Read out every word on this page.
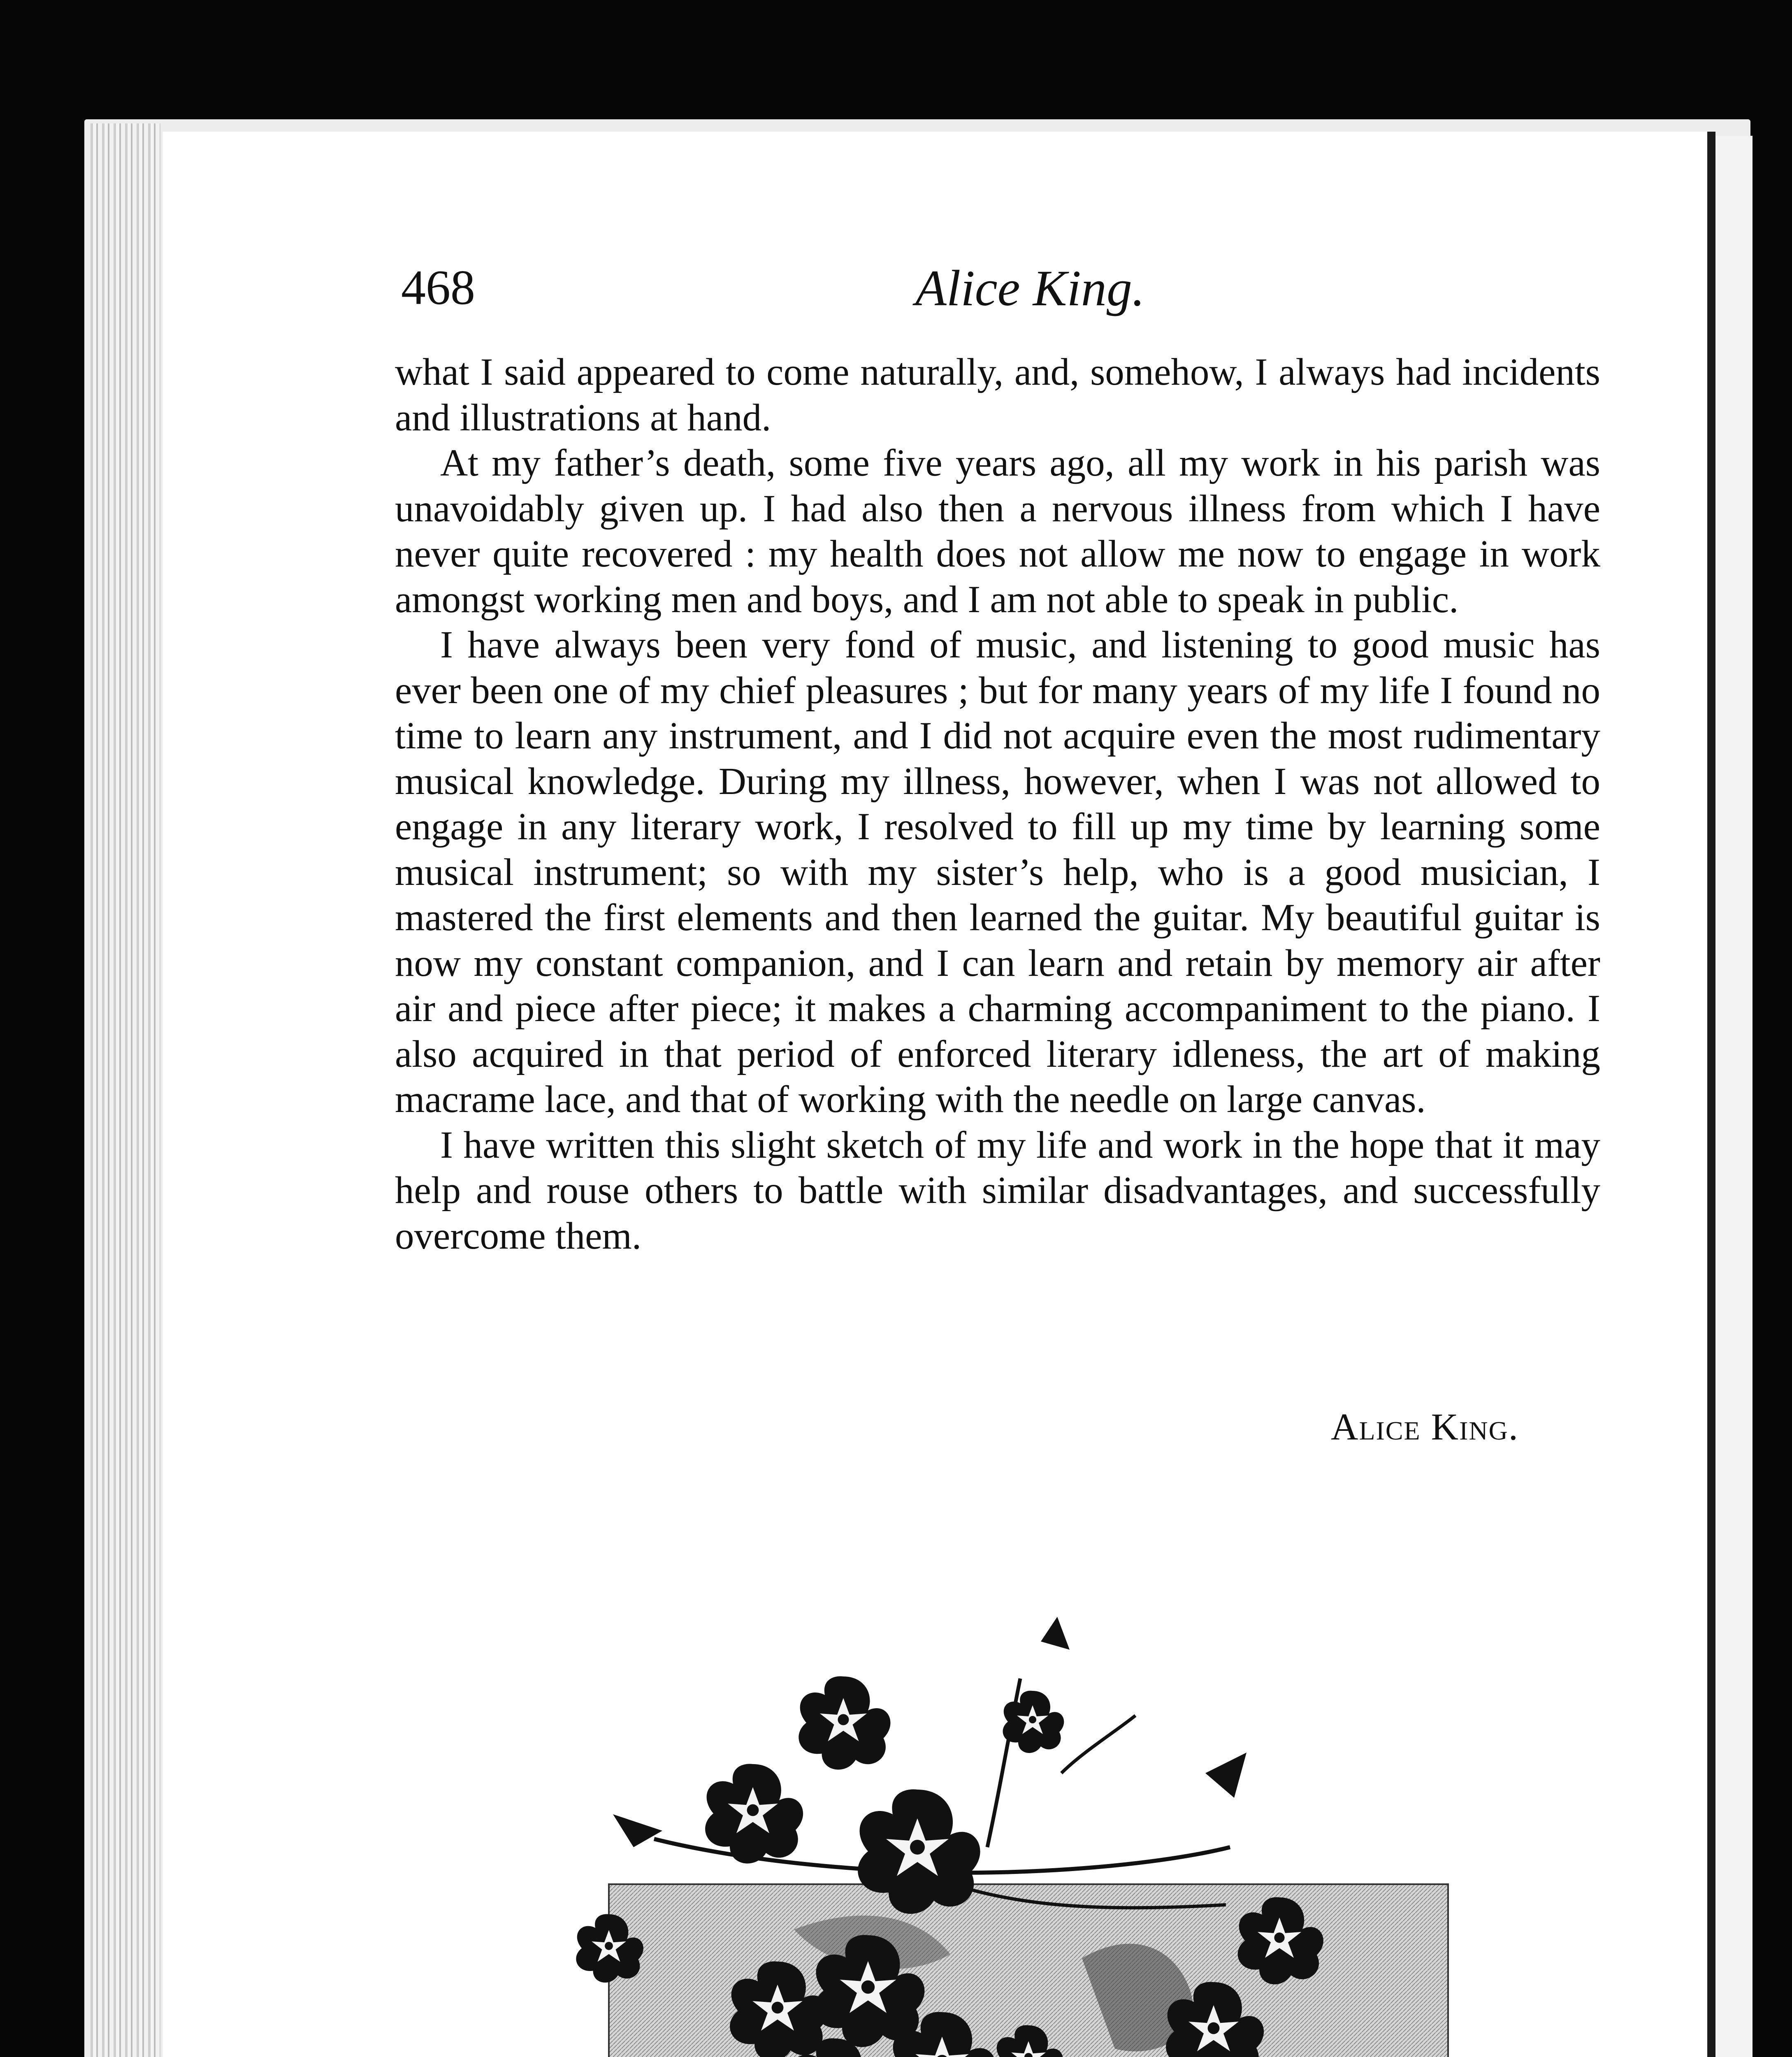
468	Alice King.

what I said appeared to come naturally, and, somehow, I always had incidents and illustrations at hand.

At my father’s death, some five years ago, all my work in his parish was unavoidably given up. I had also then a nervous illness from which I have never quite recovered : my health does not allow me now to engage in work amongst working men and boys, and I am not able to speak in public.

I have always been very fond of music, and listening to good music has ever been one of my chief pleasures ; but for many years of my life I found no time to learn any instrument, and I did not acquire even the most rudimentary musical knowledge. During my illness, however, when I was not allowed to engage in any literary work, I resolved to fill up my time by learning some musical instrument; so with my sister’s help, who is a good musician, I mastered the first elements and then learned the guitar. My beautiful guitar is now my constant companion, and I can learn and retain by memory air after air and piece after piece; it makes a charming accompaniment to the piano. I also acquired in that period of enforced literary idleness, the art of making macrame lace, and that of working with the needle on large canvas.

I have written this slight sketch of my life and work in the hope that it may help and rouse others to battle with similar disadvantages, and successfully overcome them.

Alice King.
